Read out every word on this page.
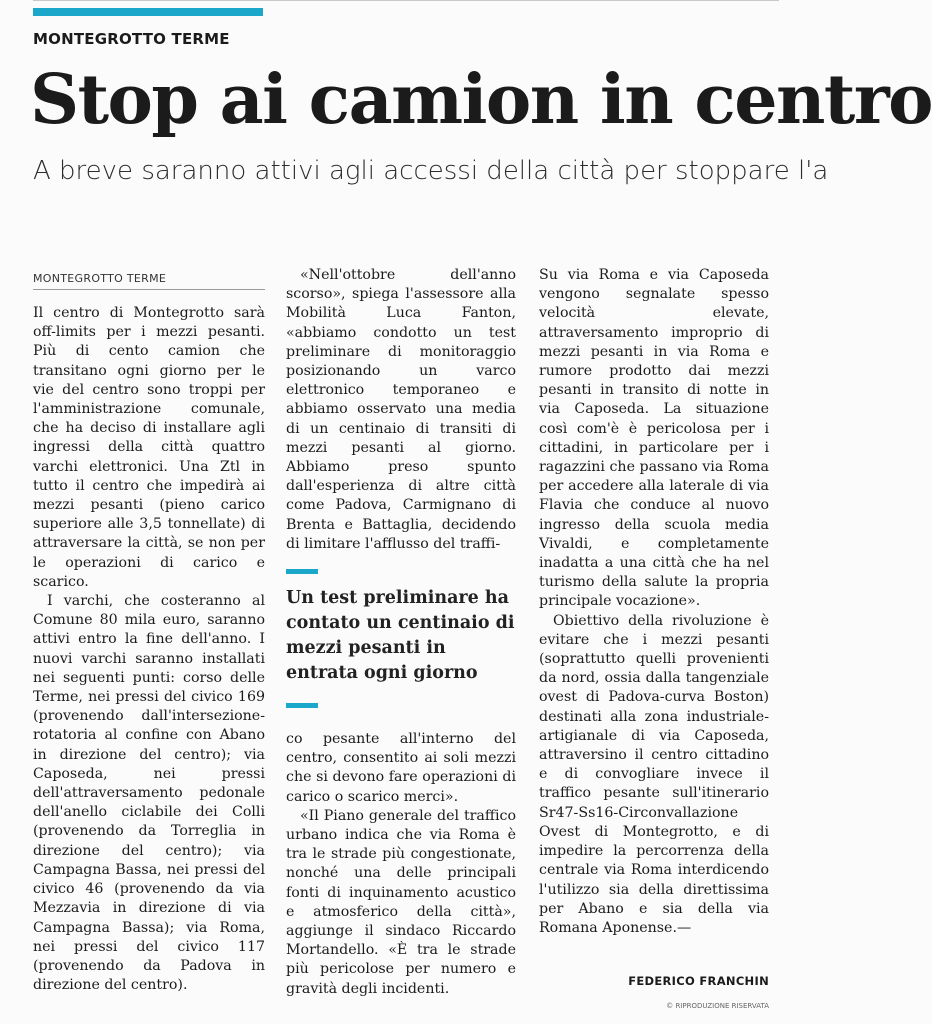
MONTEGROTTO TERME
Stop ai camion in centro
A breve saranno attivi agli accessi della città per stoppare l'a
MONTEGROTTO TERME

Il centro di Montegrotto sarà off-limits per i mezzi pesanti. Più di cento camion che transitano ogni giorno per le vie del centro sono troppi per l'amministrazione comunale, che ha deciso di installare agli ingressi della città quattro varchi elettronici. Una Ztl in tutto il centro che impedirà ai mezzi pesanti (pieno carico superiore alle 3,5 tonnellate) di attraversare la città, se non per le operazioni di carico e scarico.

I varchi, che costeranno al Comune 80 mila euro, saranno attivi entro la fine dell'anno. I nuovi varchi saranno installati nei seguenti punti: corso delle Terme, nei pressi del civico 169 (provenendo dall'intersezione-rotatoria al confine con Abano in direzione del centro); via Caposeda, nei pressi dell'attraversamento pedonale dell'anello ciclabile dei Colli (provenendo da Torreglia in direzione del centro); via Campagna Bassa, nei pressi del civico 46 (provenendo da via Mezzavia in direzione di via Campagna Bassa); via Roma, nei pressi del civico 117 (provenendo da Padova in direzione del centro).

«Nell'ottobre dell'anno scorso», spiega l'assessore alla Mobilità Luca Fanton, «abbiamo condotto un test preliminare di monitoraggio posizionando un varco elettronico temporaneo e abbiamo osservato una media di un centinaio di transiti di mezzi pesanti al giorno. Abbiamo preso spunto dall'esperienza di altre città come Padova, Carmignano di Brenta e Battaglia, decidendo di limitare l'afflusso del traffi-

Un test preliminare ha contato un centinaio di mezzi pesanti in entrata ogni giorno

co pesante all'interno del centro, consentito ai soli mezzi che si devono fare operazioni di carico o scarico merci».

«Il Piano generale del traffico urbano indica che via Roma è tra le strade più congestionate, nonché una delle principali fonti di inquinamento acustico e atmosferico della città», aggiunge il sindaco Riccardo Mortandello. «È tra le strade più pericolose per numero e gravità degli incidenti.

Su via Roma e via Caposeda vengono segnalate spesso velocità elevate, attraversamento improprio di mezzi pesanti in via Roma e rumore prodotto dai mezzi pesanti in transito di notte in via Caposeda. La situazione così com'è è pericolosa per i cittadini, in particolare per i ragazzini che passano via Roma per accedere alla laterale di via Flavia che conduce al nuovo ingresso della scuola media Vivaldi, e completamente inadatta a una città che ha nel turismo della salute la propria principale vocazione».

Obiettivo della rivoluzione è evitare che i mezzi pesanti (soprattutto quelli provenienti da nord, ossia dalla tangenziale ovest di Padova-curva Boston) destinati alla zona industriale-artigianale di via Caposeda, attraversino il centro cittadino e di convogliare invece il traffico pesante sull'itinerario Sr47-Ss16-Circonvallazione Ovest di Montegrotto, e di impedire la percorrenza della centrale via Roma interdicendo l'utilizzo sia della direttissima per Abano e sia della via Romana Aponense.—

FEDERICO FRANCHIN
© RIPRODUZIONE RISERVATA
